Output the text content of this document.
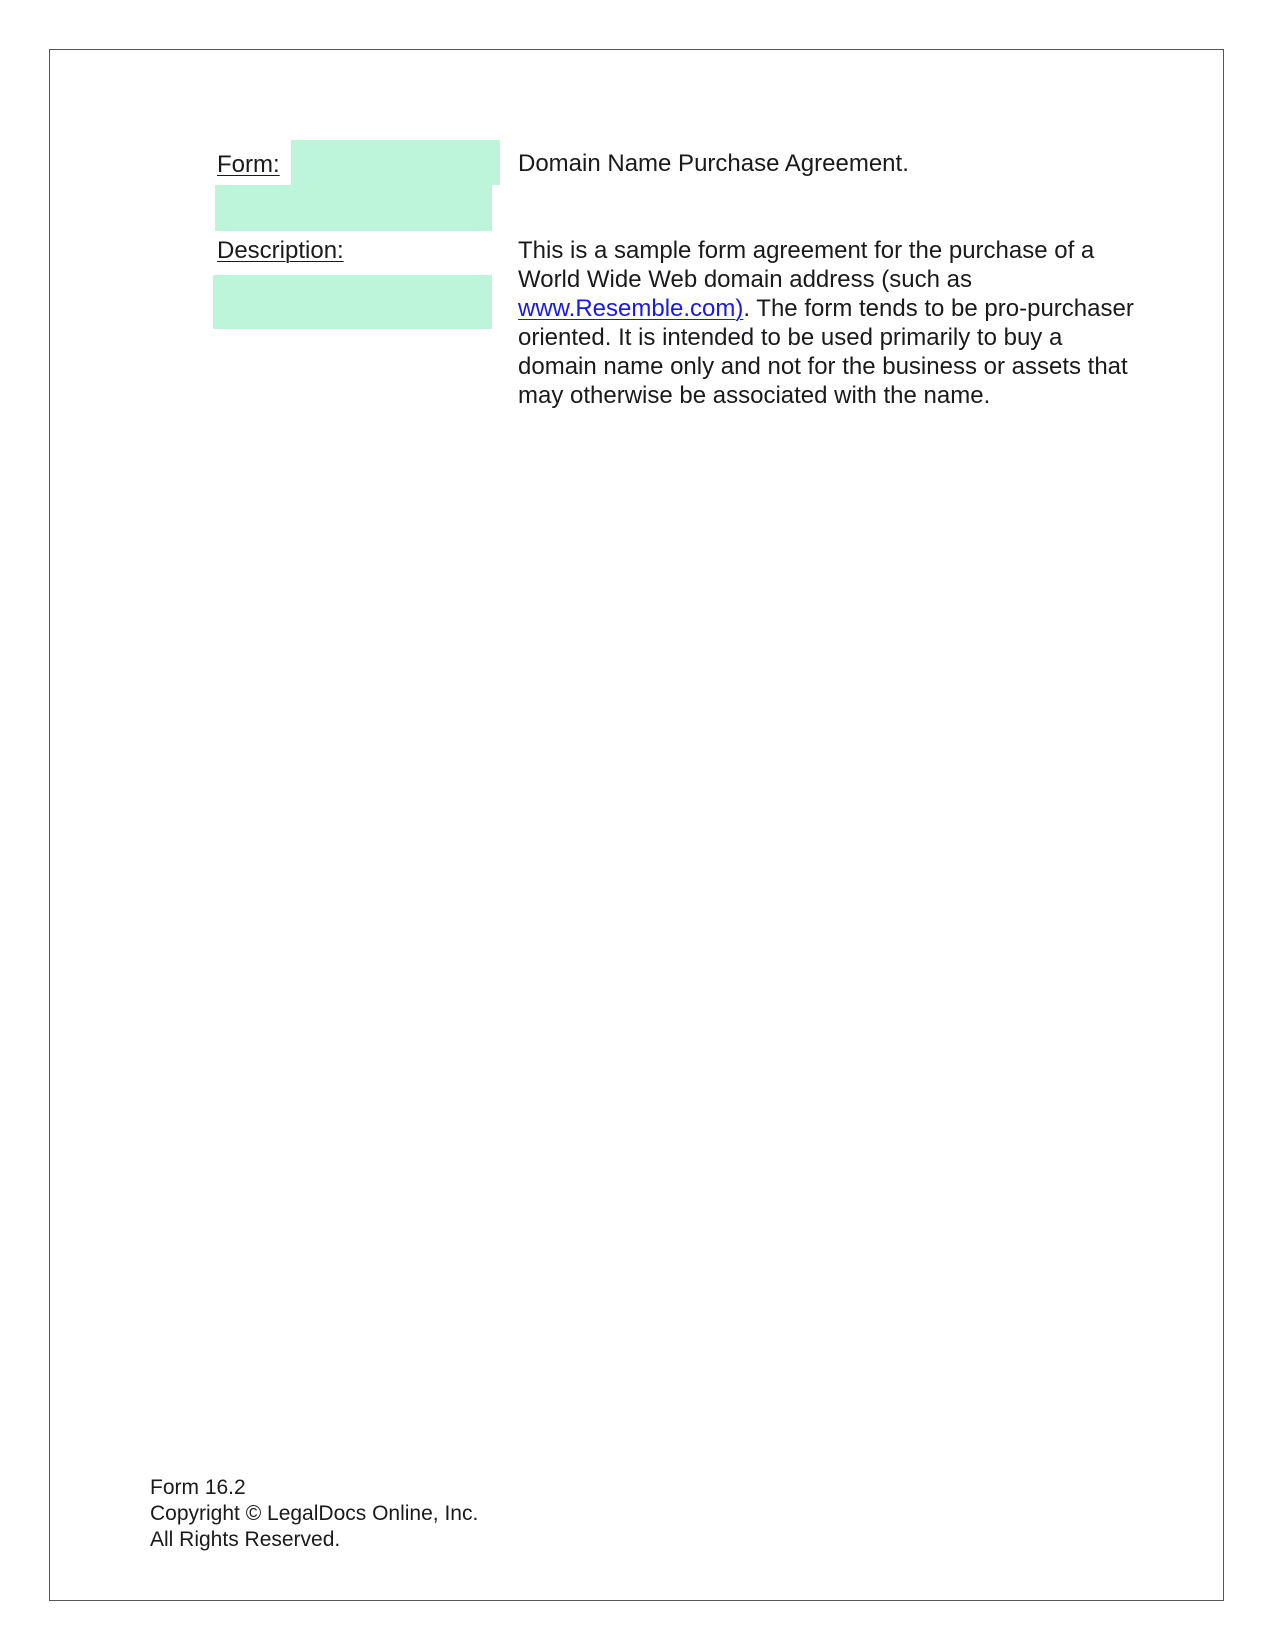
Form:
Description:
Domain Name Purchase Agreement.
This is a sample form agreement for the purchase of a World Wide Web domain address (such as www.Resemble.com). The form tends to be pro-purchaser oriented. It is intended to be used primarily to buy a domain name only and not for the business or assets that may otherwise be associated with the name.
Form 16.2
Copyright © LegalDocs Online, Inc.
All Rights Reserved.
